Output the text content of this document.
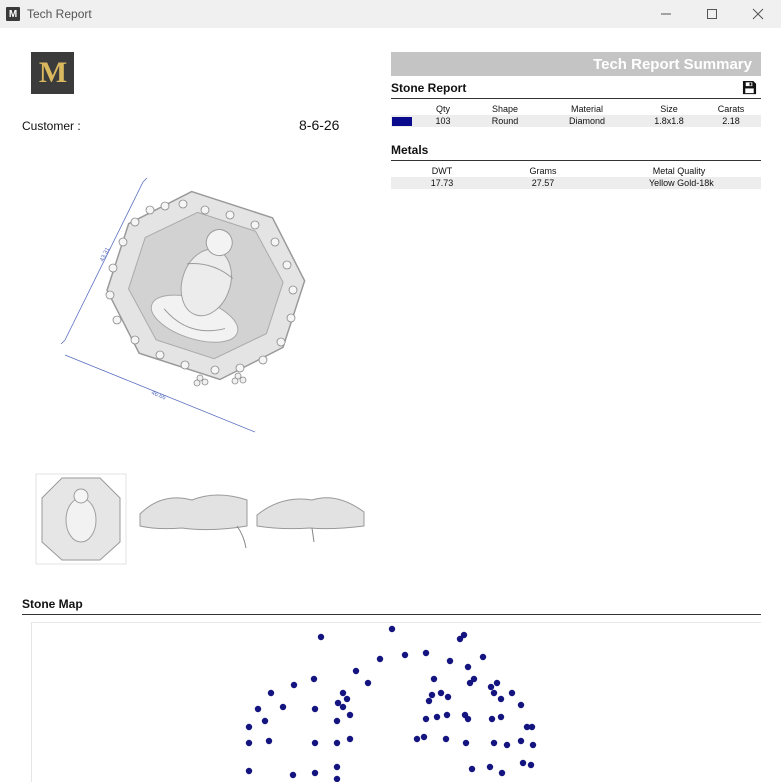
M Tech Report
M
Customer :	8-6-26
43.31
46.66
Tech Report Summary
Stone Report
Qty	Shape	Material	Size	Carats
103	Round	Diamond	1.8x1.8	2.18
Metals
DWT	Grams	Metal Quality
17.73	27.57	Yellow Gold-18k
Stone Map
